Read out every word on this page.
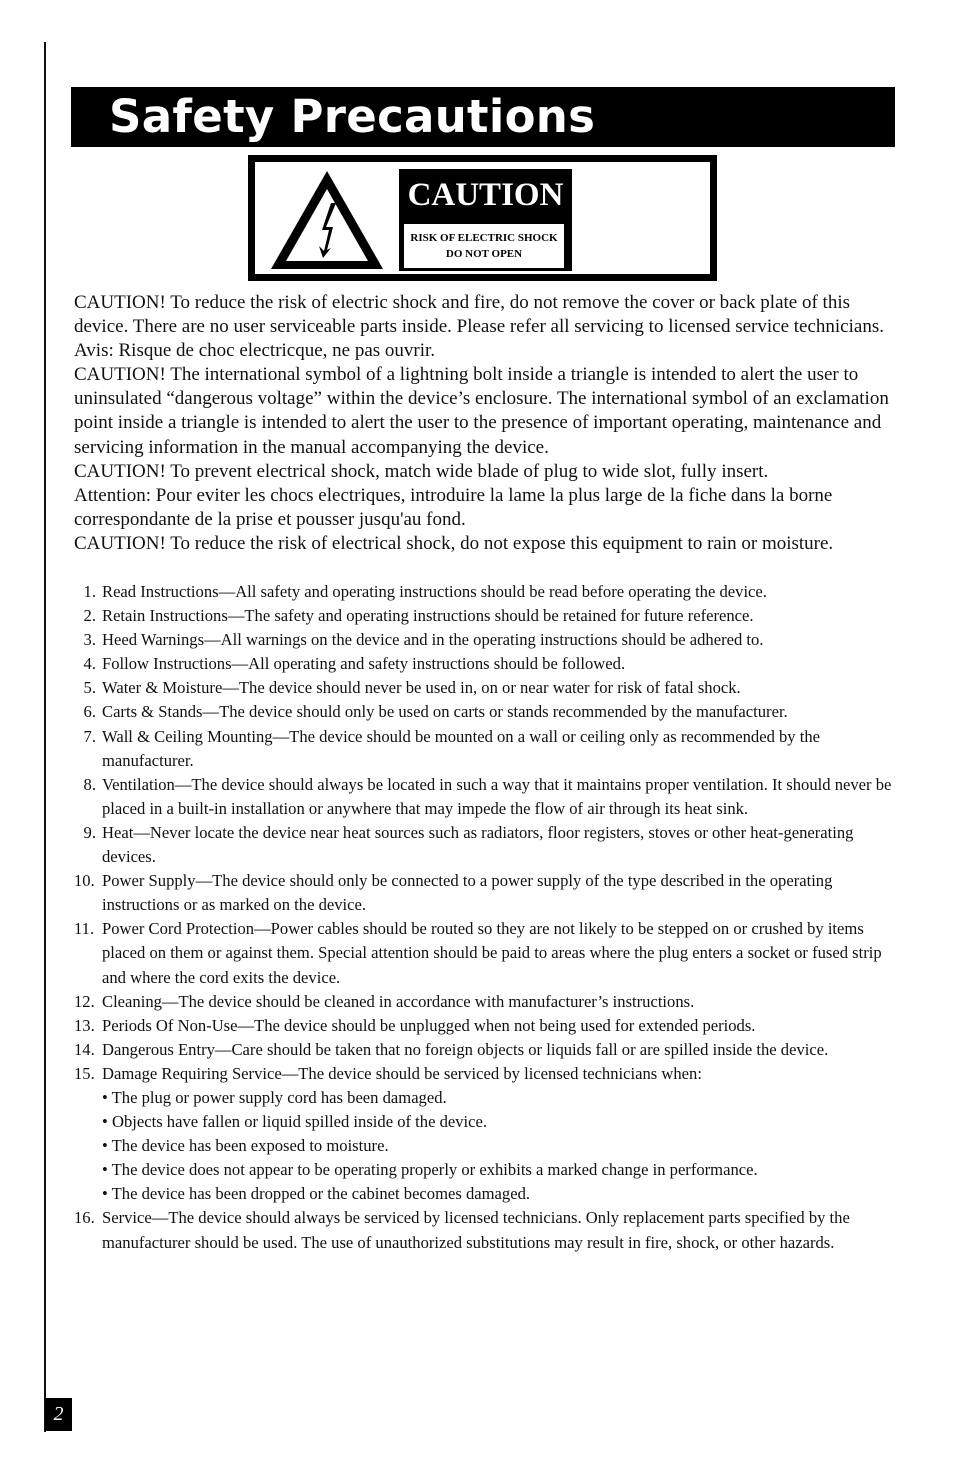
Safety Precautions
CAUTION
RISK OF ELECTRIC SHOCK
DO NOT OPEN

CAUTION! To reduce the risk of electric shock and fire, do not remove the cover or back plate of this device. There are no user serviceable parts inside. Please refer all servicing to licensed service technicians. Avis: Risque de choc electricque, ne pas ouvrir.

CAUTION! The international symbol of a lightning bolt inside a triangle is intended to alert the user to uninsulated “dangerous voltage” within the device’s enclosure. The international symbol of an exclamation point inside a triangle is intended to alert the user to the presence of important operating, maintenance and servicing information in the manual accompanying the device.

CAUTION! To prevent electrical shock, match wide blade of plug to wide slot, fully insert.

Attention: Pour eviter les chocs electriques, introduire la lame la plus large de la fiche dans la borne correspondante de la prise et pousser jusqu'au fond.

CAUTION! To reduce the risk of electrical shock, do not expose this equipment to rain or moisture.

1. Read Instructions—All safety and operating instructions should be read before operating the device.
2. Retain Instructions—The safety and operating instructions should be retained for future reference.
3. Heed Warnings—All warnings on the device and in the operating instructions should be adhered to.
4. Follow Instructions—All operating and safety instructions should be followed.
5. Water & Moisture—The device should never be used in, on or near water for risk of fatal shock.
6. Carts & Stands—The device should only be used on carts or stands recommended by the manufacturer.
7. Wall & Ceiling Mounting—The device should be mounted on a wall or ceiling only as recommended by the manufacturer.
8. Ventilation—The device should always be located in such a way that it maintains proper ventilation. It should never be placed in a built-in installation or anywhere that may impede the flow of air through its heat sink.
9. Heat—Never locate the device near heat sources such as radiators, floor registers, stoves or other heat-generating devices.
10. Power Supply—The device should only be connected to a power supply of the type described in the operating instructions or as marked on the device.
11. Power Cord Protection—Power cables should be routed so they are not likely to be stepped on or crushed by items placed on them or against them. Special attention should be paid to areas where the plug enters a socket or fused strip and where the cord exits the device.
12. Cleaning—The device should be cleaned in accordance with manufacturer’s instructions.
13. Periods Of Non-Use—The device should be unplugged when not being used for extended periods.
14. Dangerous Entry—Care should be taken that no foreign objects or liquids fall or are spilled inside the device.
15. Damage Requiring Service—The device should be serviced by licensed technicians when:
• The plug or power supply cord has been damaged.
• Objects have fallen or liquid spilled inside of the device.
• The device has been exposed to moisture.
• The device does not appear to be operating properly or exhibits a marked change in performance.
• The device has been dropped or the cabinet becomes damaged.
16. Service—The device should always be serviced by licensed technicians. Only replacement parts specified by the manufacturer should be used. The use of unauthorized substitutions may result in fire, shock, or other hazards.
2
